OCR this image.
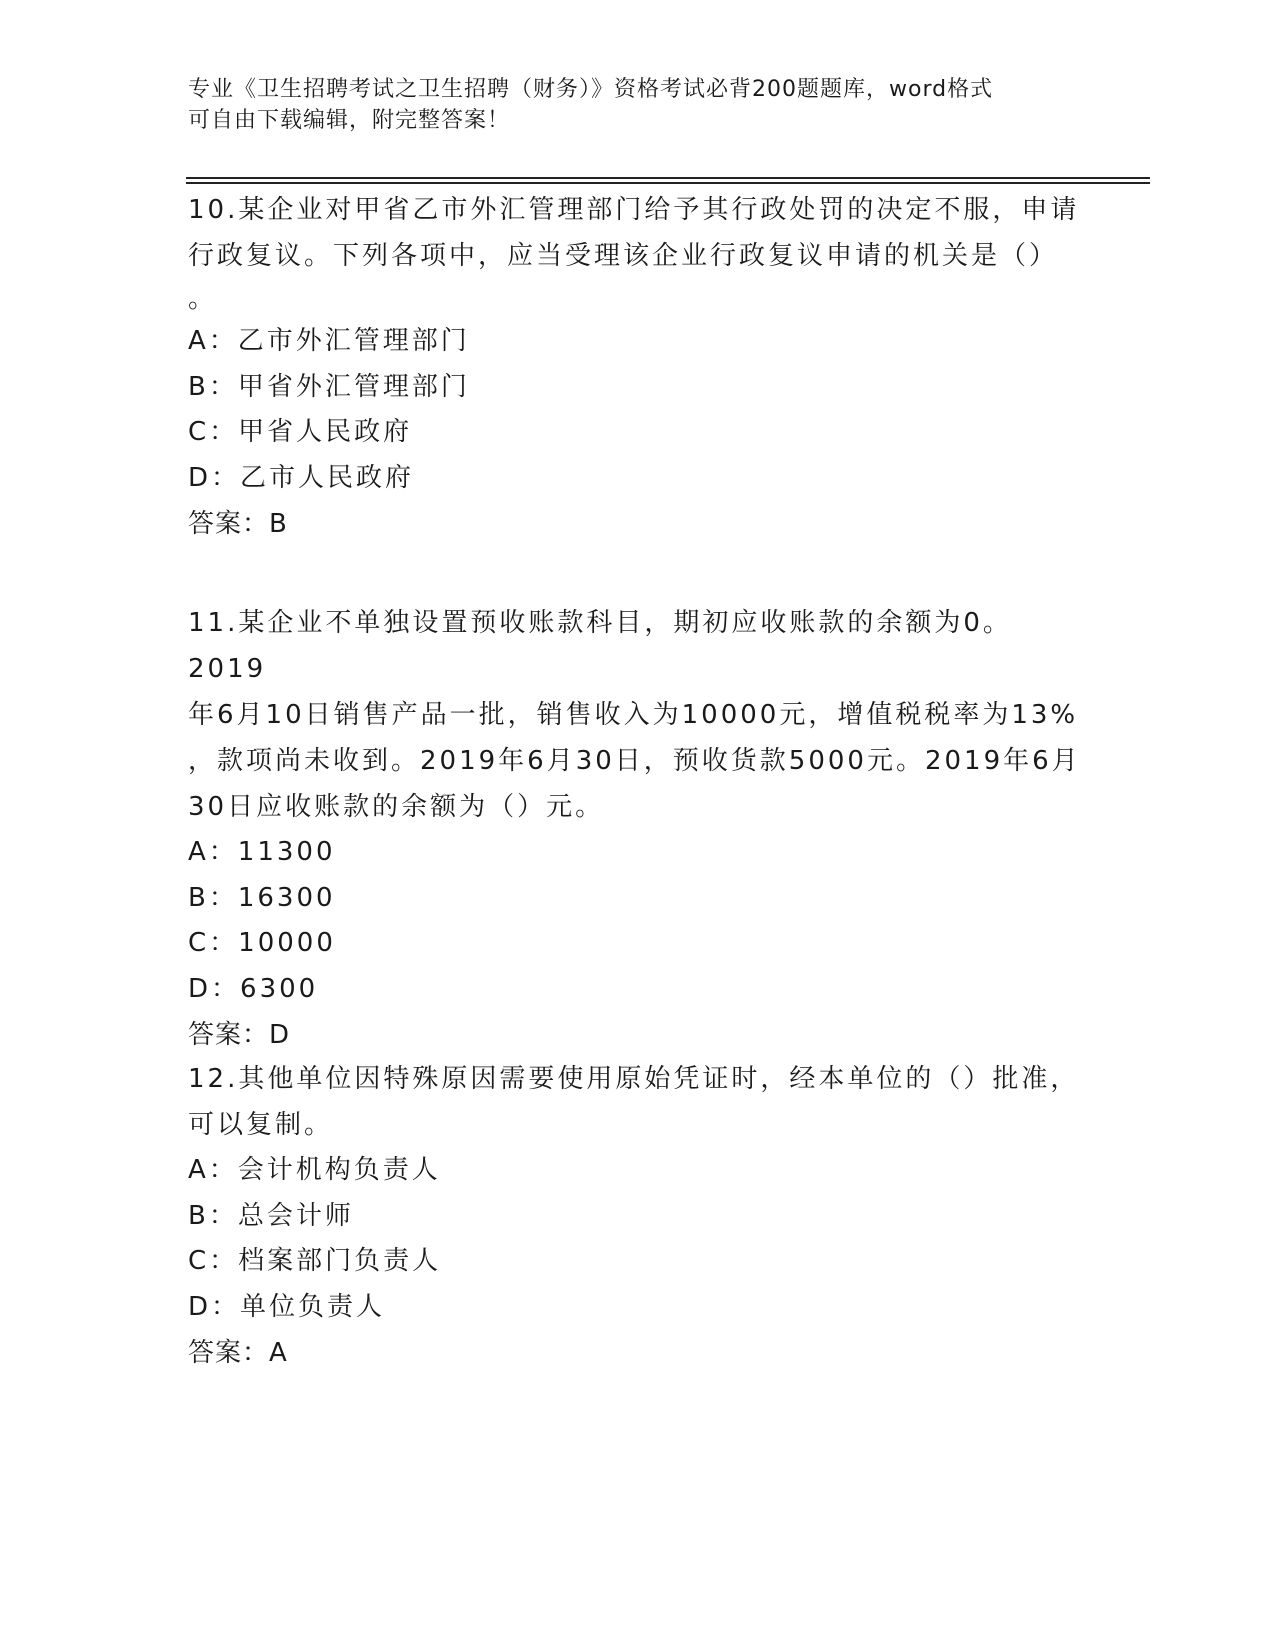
专业《卫生招聘考试之卫生招聘（财务）》资格考试必背200题题库，word格式
可自由下载编辑，附完整答案！

10.某企业对甲省乙市外汇管理部门给予其行政处罚的决定不服，申请

行政复议。下列各项中，应当受理该企业行政复议申请的机关是（）

。

A：乙市外汇管理部门

B：甲省外汇管理部门

C：甲省人民政府

D：乙市人民政府

答案：B

11.某企业不单独设置预收账款科目，期初应收账款的余额为0。2019

年6月10日销售产品一批，销售收入为10000元，增值税税率为13%

，款项尚未收到。2019年6月30日，预收货款5000元。2019年6月

30日应收账款的余额为（）元。

A：11300

B：16300

C：10000

D：6300

答案：D

12.其他单位因特殊原因需要使用原始凭证时，经本单位的（）批准，

可以复制。

A：会计机构负责人

B：总会计师

C：档案部门负责人

D：单位负责人

答案：A
